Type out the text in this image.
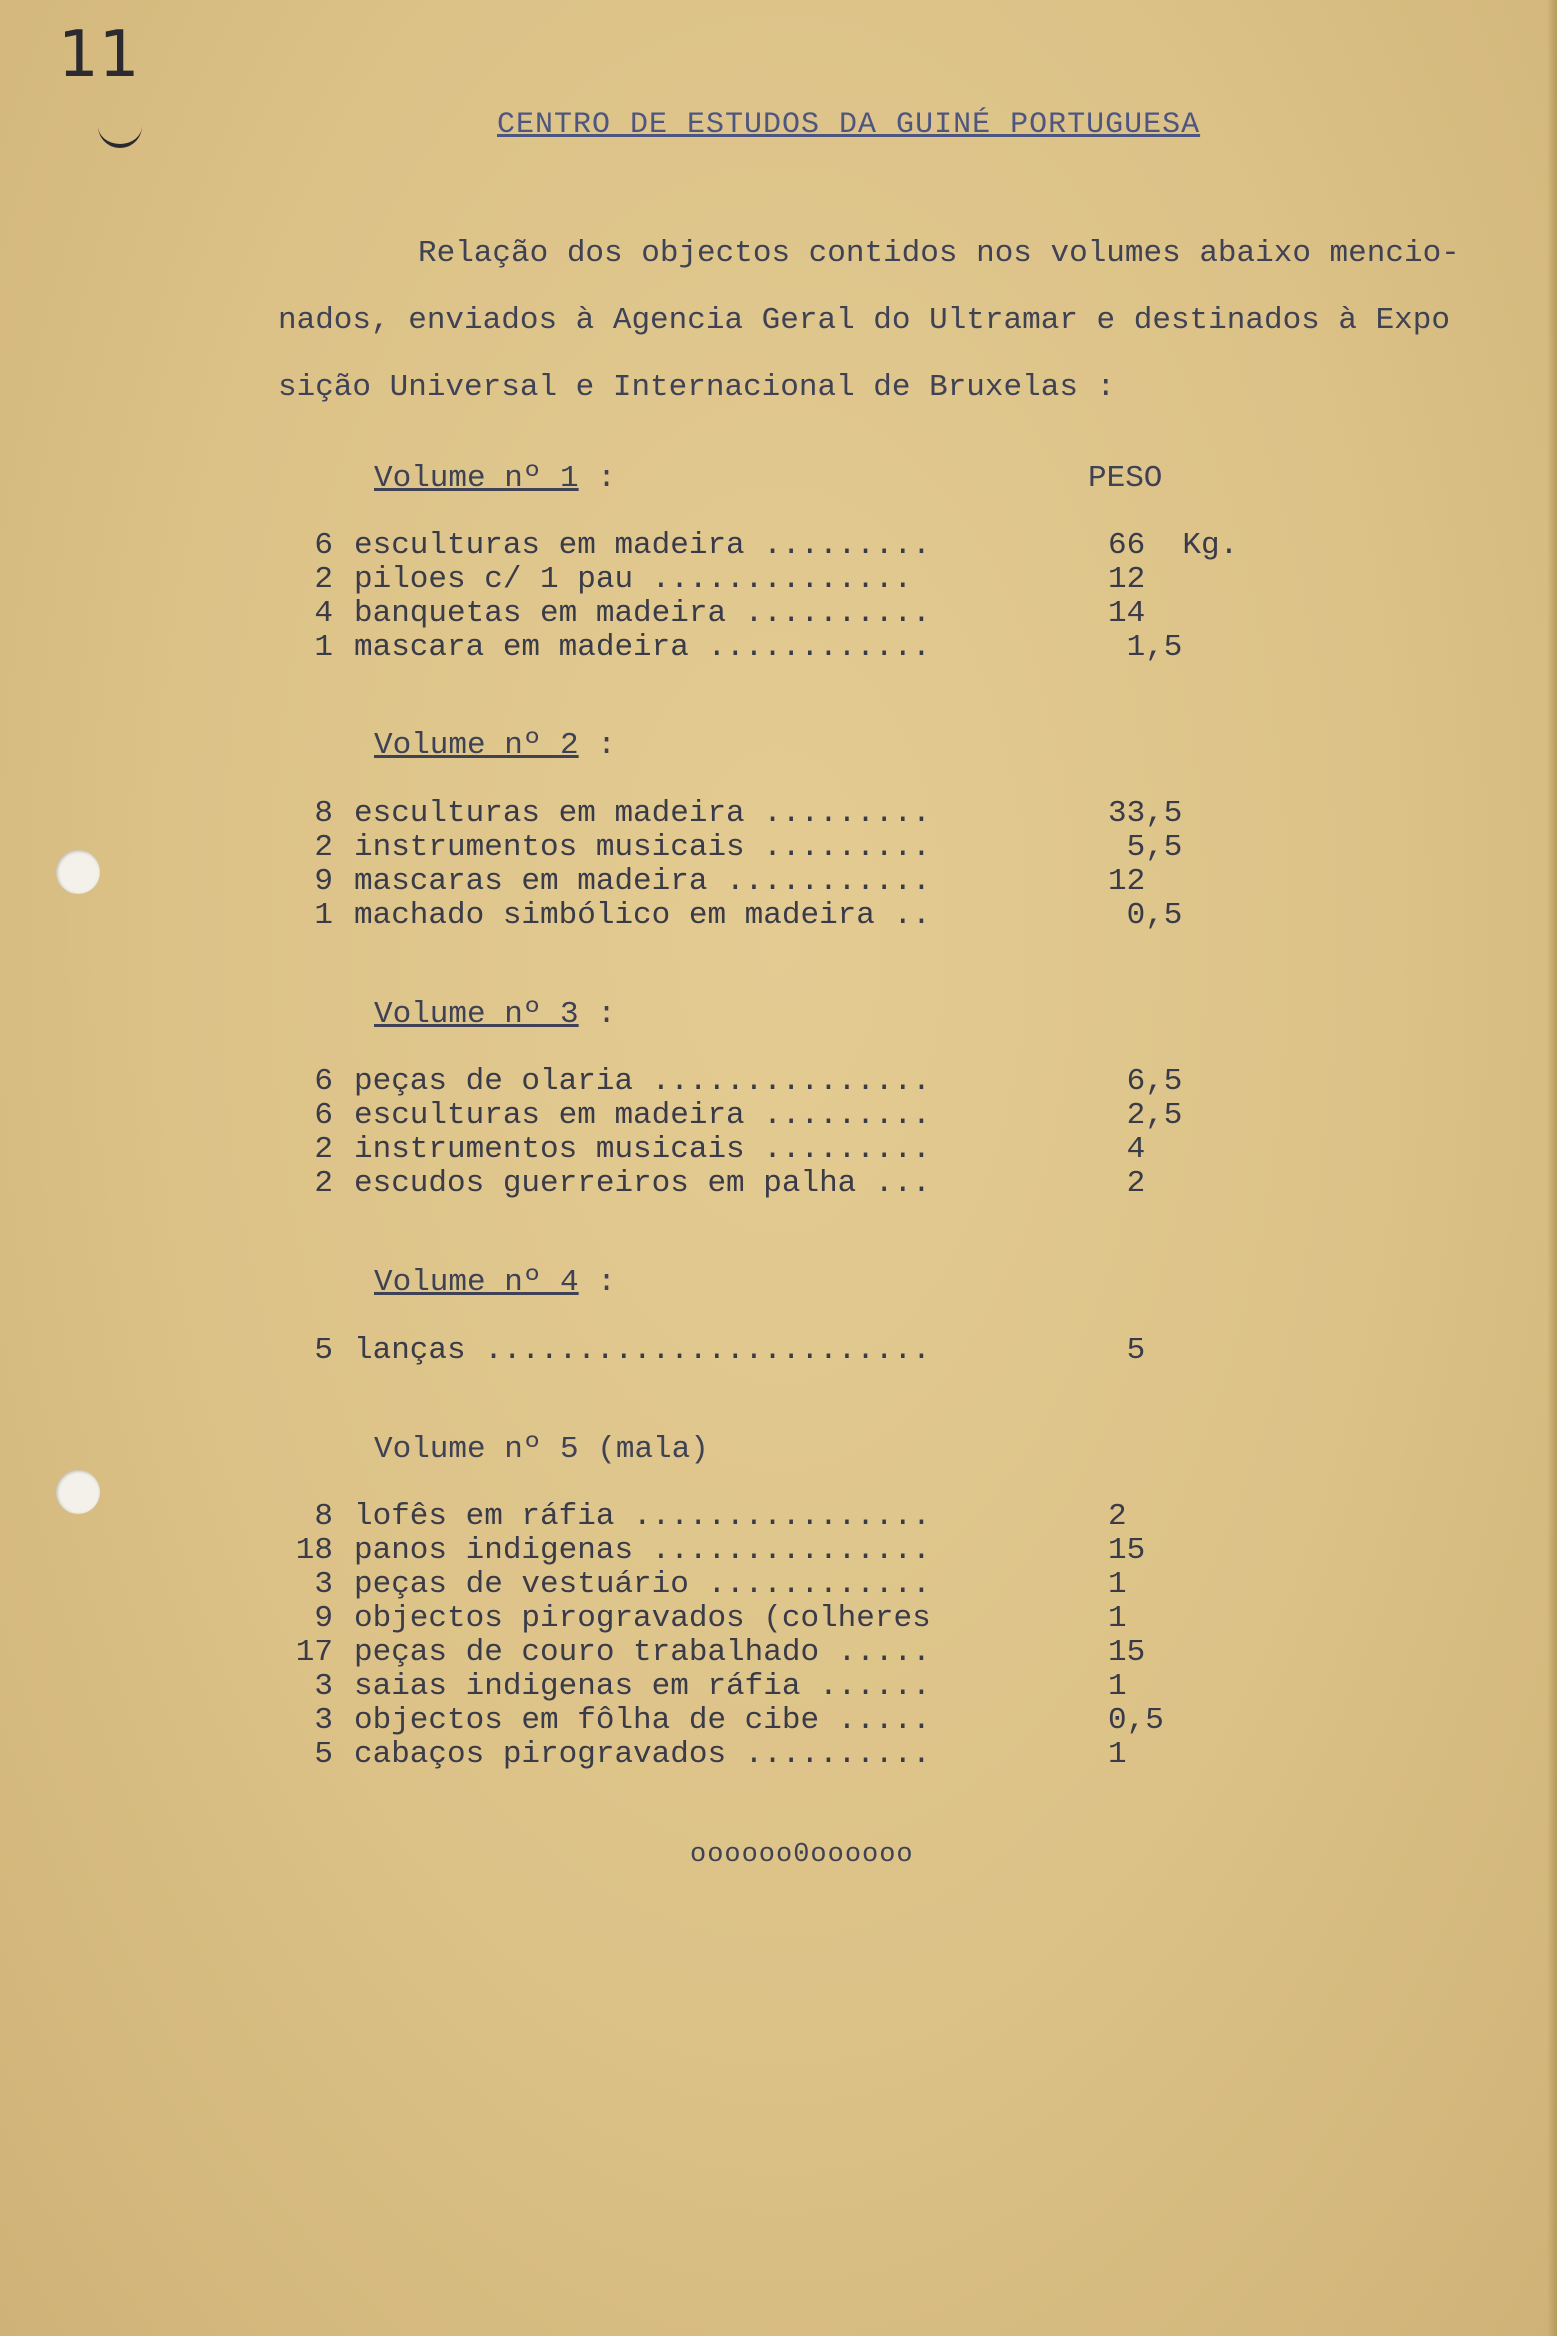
11
CENTRO DE ESTUDOS DA GUINÉ PORTUGUESA
Relação dos objectos contidos nos volumes abaixo mencio-
nados, enviados à Agencia Geral do Ultramar e destinados à Expo
sição Universal e Internacional de Bruxelas :
PESO
Volume nº 1 :
6 esculturas em madeira .........	66  Kg.
2 piloes c/ 1 pau ..............	12
4 banquetas em madeira ..........	14
1 mascara em madeira ............	1,5
Volume nº 2 :
8 esculturas em madeira .........	33,5
2 instrumentos musicais .........	5,5
9 mascaras em madeira ...........	12
1 machado simbólico em madeira ..	0,5
Volume nº 3 :
6 peças de olaria ...............	6,5
6 esculturas em madeira .........	2,5
2 instrumentos musicais .........	4
2 escudos guerreiros em palha ...	2
Volume nº 4 :
5 lanças ........................	5
Volume nº 5 (mala)
8 lofês em ráfia ................	2
18 panos indigenas ...............	15
3 peças de vestuário ............	1
9 objectos pirogravados (colheres	1
17 peças de couro trabalhado .....	15
3 saias indigenas em ráfia ......	1
3 objectos em fôlha de cibe .....	0,5
5 cabaços pirogravados ..........	1
oooooo0oooooo
